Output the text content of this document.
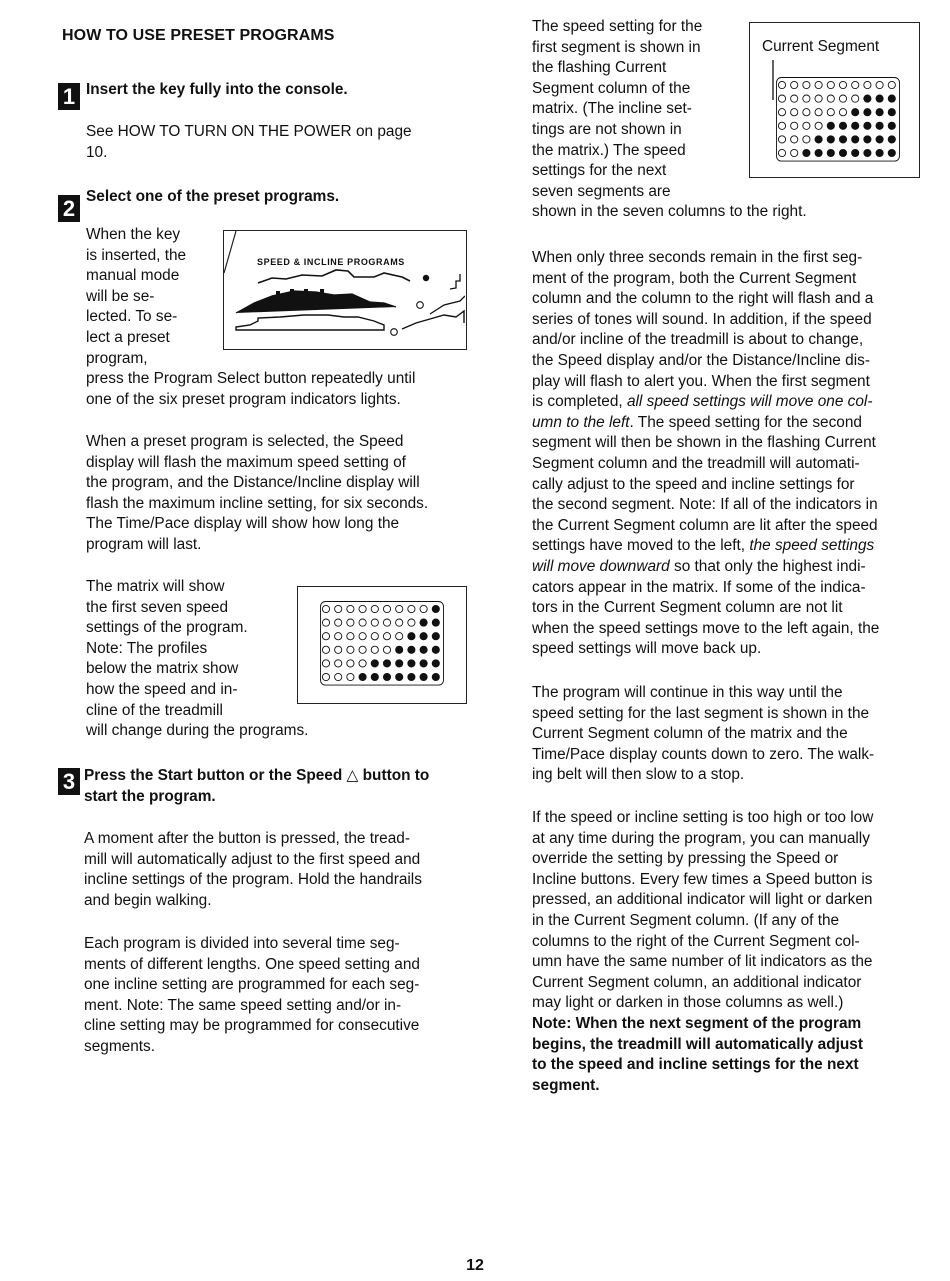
HOW TO USE PRESET PROGRAMS
1 Insert the key fully into the console.

See HOW TO TURN ON THE POWER on page

10.

2 Select one of the preset programs.

When the key

is inserted, the

manual mode

will be se-

lected. To se-

lect a preset

program,

press the Program Select button repeatedly until

one of the six preset program indicators lights.

SPEED & INCLINE PROGRAMS

When a preset program is selected, the Speed

display will flash the maximum speed setting of

the program, and the Distance/Incline display will

flash the maximum incline setting, for six seconds.

The Time/Pace display will show how long the

program will last.

The matrix will show

the first seven speed

settings of the program.

Note: The profiles

below the matrix show

how the speed and in-

cline of the treadmill

will change during the programs.

3 Press the Start button or the Speed △ button to

start the program.

A moment after the button is pressed, the tread-

mill will automatically adjust to the first speed and

incline settings of the program. Hold the handrails

and begin walking.

Each program is divided into several time seg-

ments of different lengths. One speed setting and

one incline setting are programmed for each seg-

ment. Note: The same speed setting and/or in-

cline setting may be programmed for consecutive

segments.

The speed setting for the

first segment is shown in

the flashing Current

Segment column of the

matrix. (The incline set-

tings are not shown in

the matrix.) The speed

settings for the next

seven segments are

shown in the seven columns to the right.

Current Segment

When only three seconds remain in the first seg-

ment of the program, both the Current Segment

column and the column to the right will flash and a

series of tones will sound. In addition, if the speed

and/or incline of the treadmill is about to change,

the Speed display and/or the Distance/Incline dis-

play will flash to alert you. When the first segment

is completed, all speed settings will move one col-

umn to the left. The speed setting for the second

segment will then be shown in the flashing Current

Segment column and the treadmill will automati-

cally adjust to the speed and incline settings for

the second segment. Note: If all of the indicators in

the Current Segment column are lit after the speed

settings have moved to the left, the speed settings

will move downward so that only the highest indi-

cators appear in the matrix. If some of the indica-

tors in the Current Segment column are not lit

when the speed settings move to the left again, the

speed settings will move back up.

The program will continue in this way until the

speed setting for the last segment is shown in the

Current Segment column of the matrix and the

Time/Pace display counts down to zero. The walk-

ing belt will then slow to a stop.

If the speed or incline setting is too high or too low

at any time during the program, you can manually

override the setting by pressing the Speed or

Incline buttons. Every few times a Speed button is

pressed, an additional indicator will light or darken

in the Current Segment column. (If any of the

columns to the right of the Current Segment col-

umn have the same number of lit indicators as the

Current Segment column, an additional indicator

may light or darken in those columns as well.)

Note: When the next segment of the program

begins, the treadmill will automatically adjust

to the speed and incline settings for the next

segment.

12
